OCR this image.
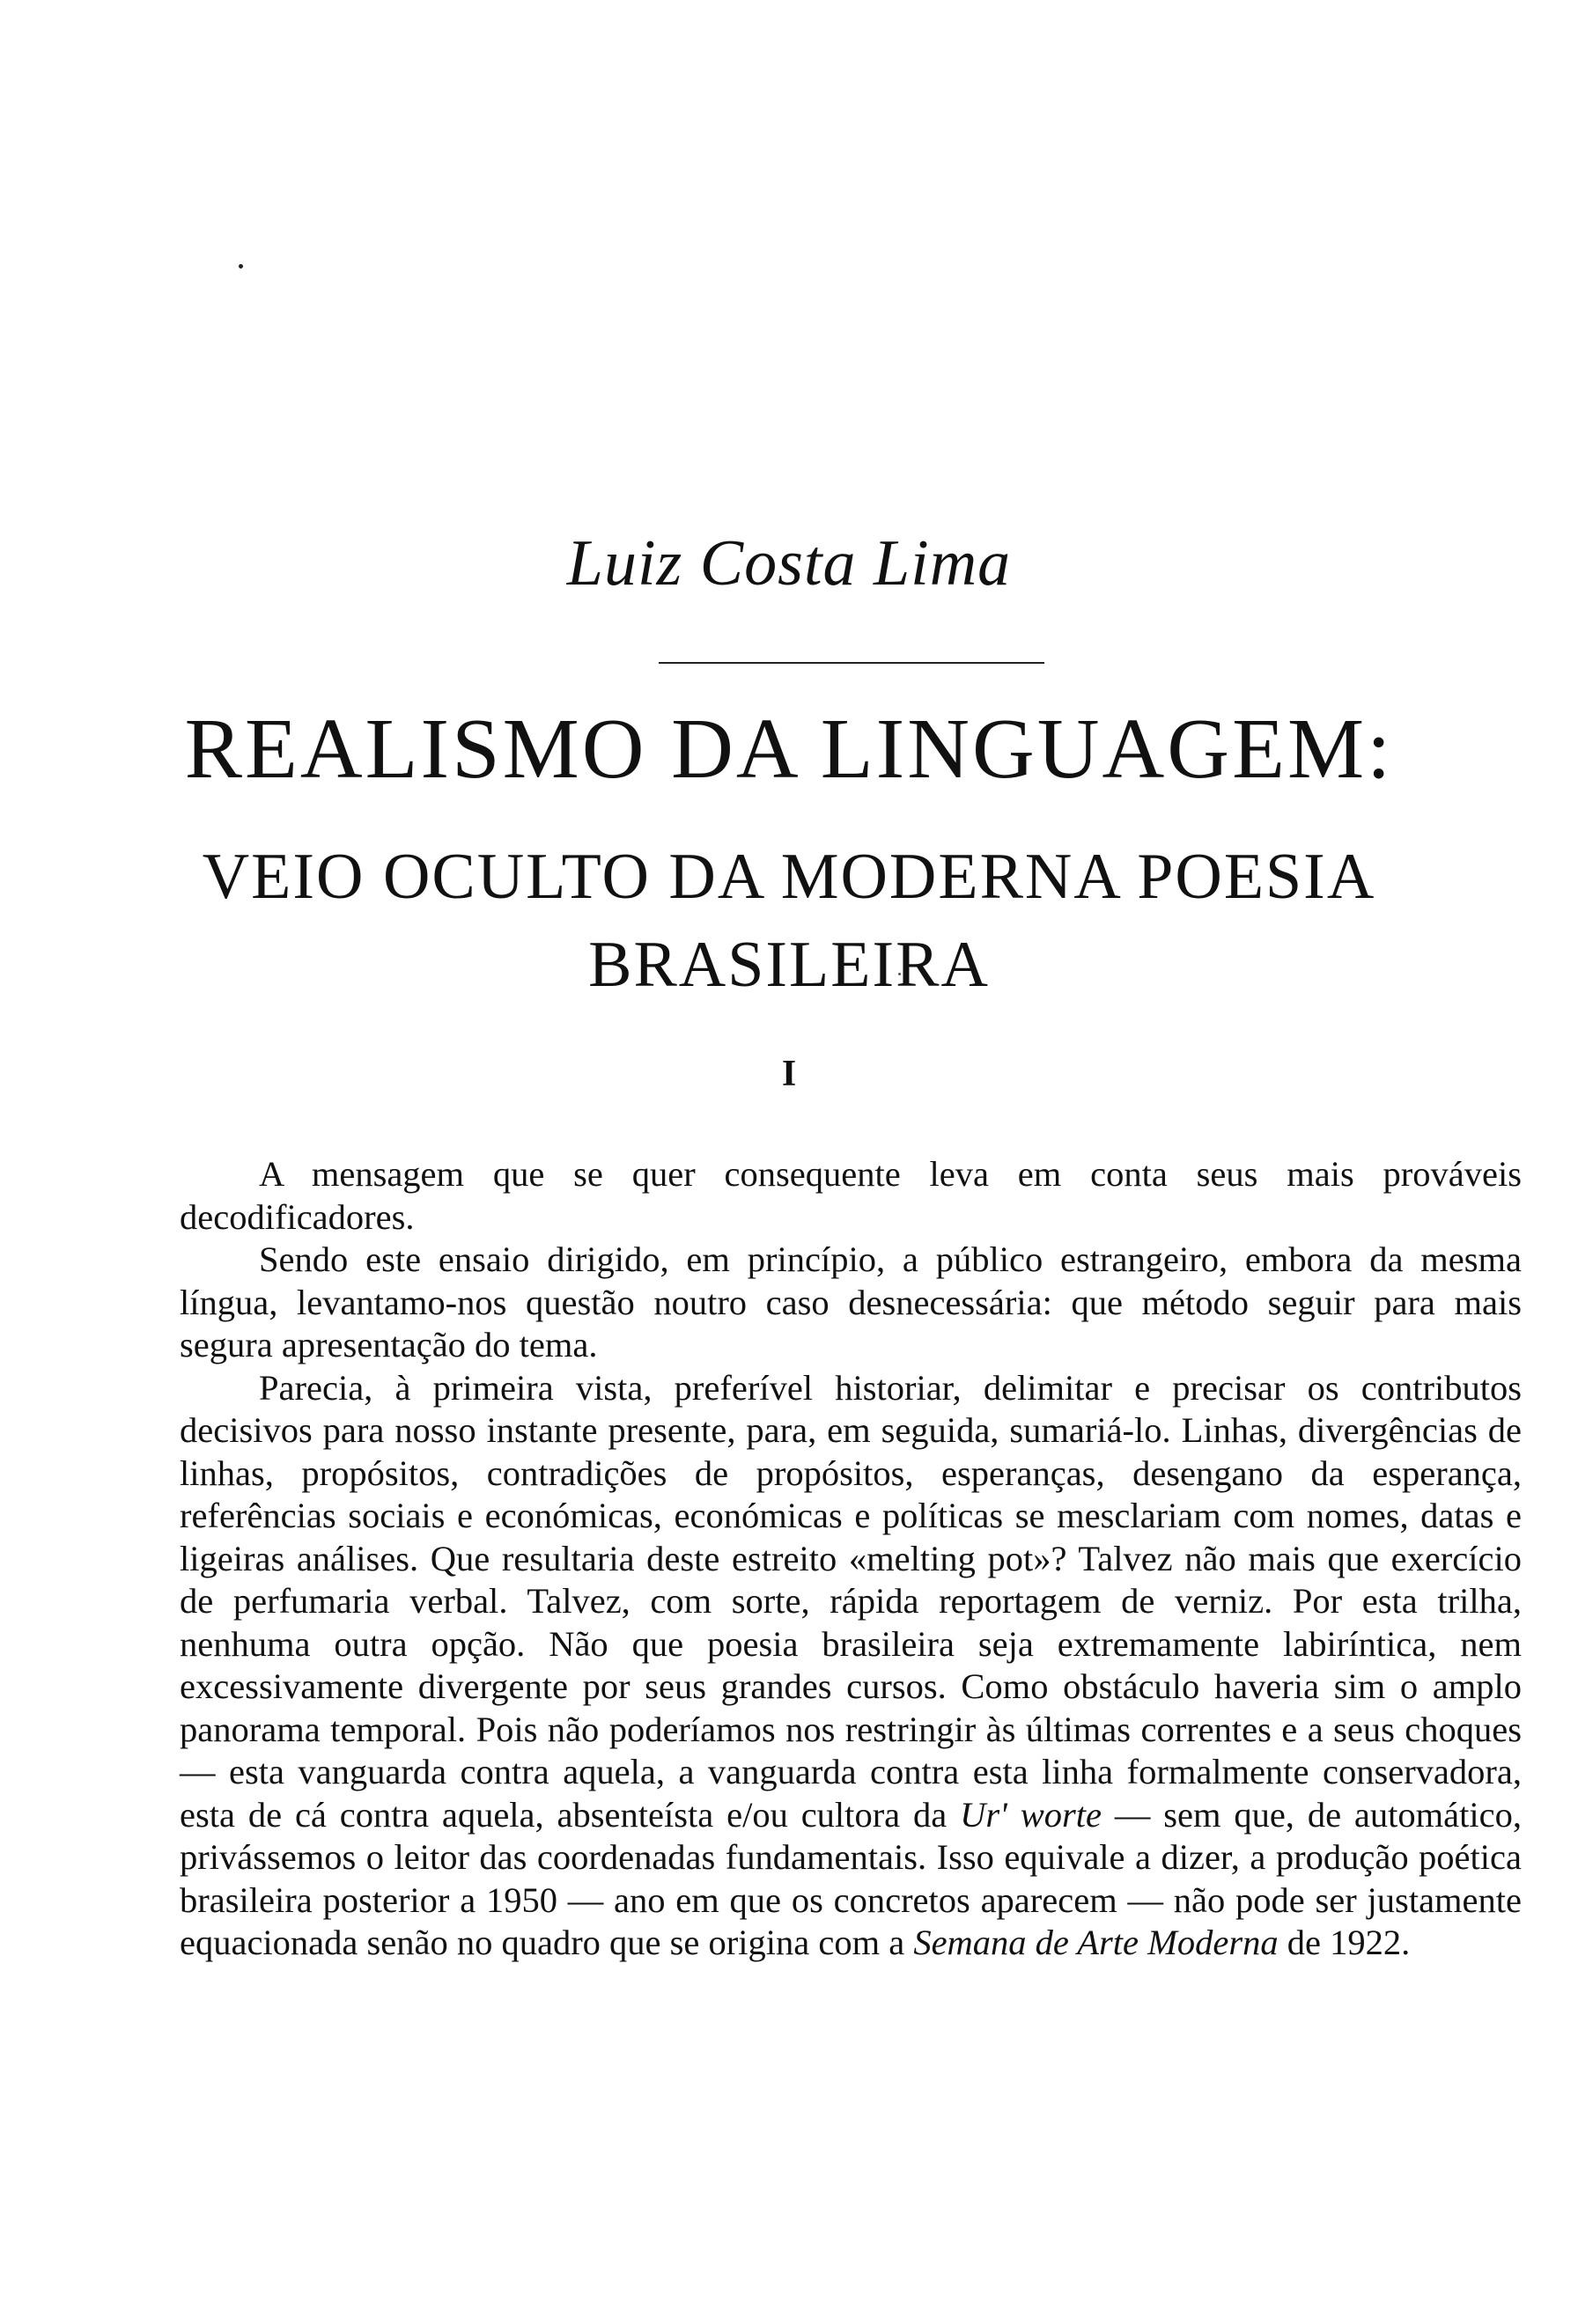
Luiz Costa Lima
REALISMO DA LINGUAGEM:
VEIO OCULTO DA MODERNA POESIA
BRASILEIRA
I

A mensagem que se quer consequente leva em conta seus mais prováveis decodificadores.

Sendo este ensaio dirigido, em princípio, a público estrangeiro, embora da mesma língua, levantamo-nos questão noutro caso desnecessária: que método seguir para mais segura apresentação do tema.

Parecia, à primeira vista, preferível historiar, delimitar e precisar os contributos decisivos para nosso instante presente, para, em seguida, sumariá-lo. Linhas, divergências de linhas, propósitos, contradições de propósitos, esperanças, desengano da esperança, referências sociais e económicas, económicas e políticas se mesclariam com nomes, datas e ligeiras análises. Que resultaria deste estreito «melting pot»? Talvez não mais que exercício de perfumaria verbal. Talvez, com sorte, rápida reportagem de verniz. Por esta trilha, nenhuma outra opção. Não que poesia brasileira seja extremamente labiríntica, nem excessivamente divergente por seus grandes cursos. Como obstáculo haveria sim o amplo panorama temporal. Pois não poderíamos nos restringir às últimas correntes e a seus choques — esta vanguarda contra aquela, a vanguarda contra esta linha formalmente conservadora, esta de cá contra aquela, absenteísta e/ou cultora da Ur' worte — sem que, de automático, privássemos o leitor das coordenadas fundamentais. Isso equivale a dizer, a produção poética brasileira posterior a 1950 — ano em que os concretos aparecem — não pode ser justamente equacionada senão no quadro que se origina com a Semana de Arte Moderna de 1922.
